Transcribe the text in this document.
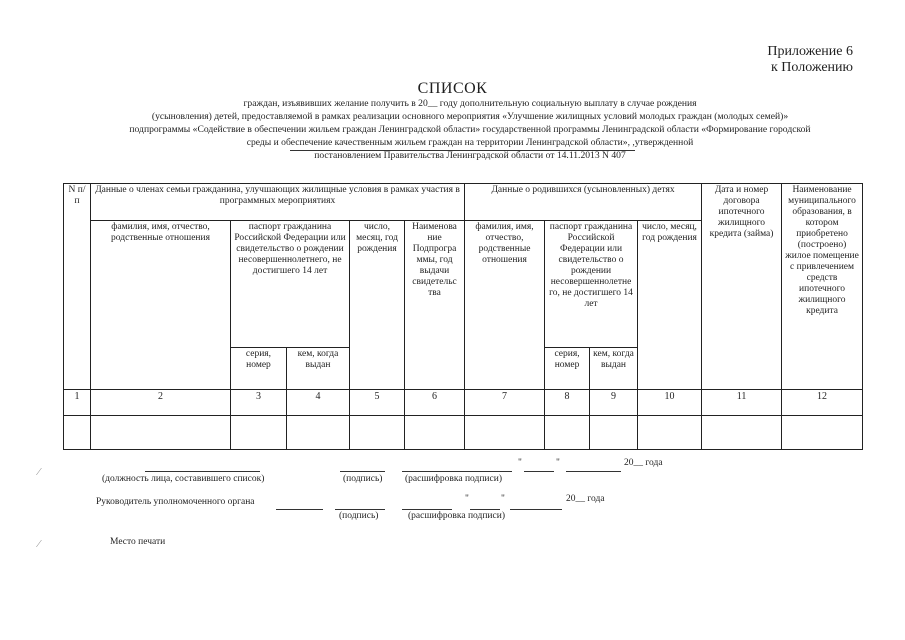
Приложение 6
к Положению
СПИСОК
граждан, изъявивших желание получить в 20__ году дополнительную социальную выплату в случае рождения
(усыновления) детей, предоставляемой в рамках реализации основного мероприятия «Улучшение жилищных условий молодых граждан (молодых семей)»
подпрограммы «Содействие в обеспечении жильем граждан Ленинградской области» государственной программы Ленинградской области «Формирование городской
среды и обеспечение качественным жильем граждан на территории Ленинградской области», ,утвержденной
постановлением Правительства Ленинградской области от 14.11.2013 N 407
N п/п	Данные о членах семьи гражданина, улучшающих жилищные условия в рамках участия в программных мероприятиях					Данные о родившихся (усыновленных) детях				Дата и номер договора ипотечного жилищного кредита (займа)	Наименование муниципального образования, в котором приобретено (построено) жилое помещение с привлечением средств ипотечного жилищного кредита
	фамилия, имя, отчество, родственные отношения	паспорт гражданина Российской Федерации или свидетельство о рождении несовершеннолетнего, не достигшего 14 лет		число, месяц, год рождения	Наименова ние Подпрогра ммы, год выдачи свидетельс тва	фамилия, имя, отчество, родственные отношения	паспорт гражданина Российской Федерации или свидетельство о рождении несовершеннолетне го, не достигшего 14 лет		число, месяц, год рождения		
		серия, номер	кем, когда выдан				серия, номер	кем, когда выдан			
1	2	3	4	5	6	7	8	9	10	11	12

"	"	20__ года
(должность лица, составившего список)	(подпись) (расшифровка подписи)
Руководитель уполномоченного органа	"	"	20__ года
(подпись)	(расшифровка подписи)
Место печати
⁄
⁄
